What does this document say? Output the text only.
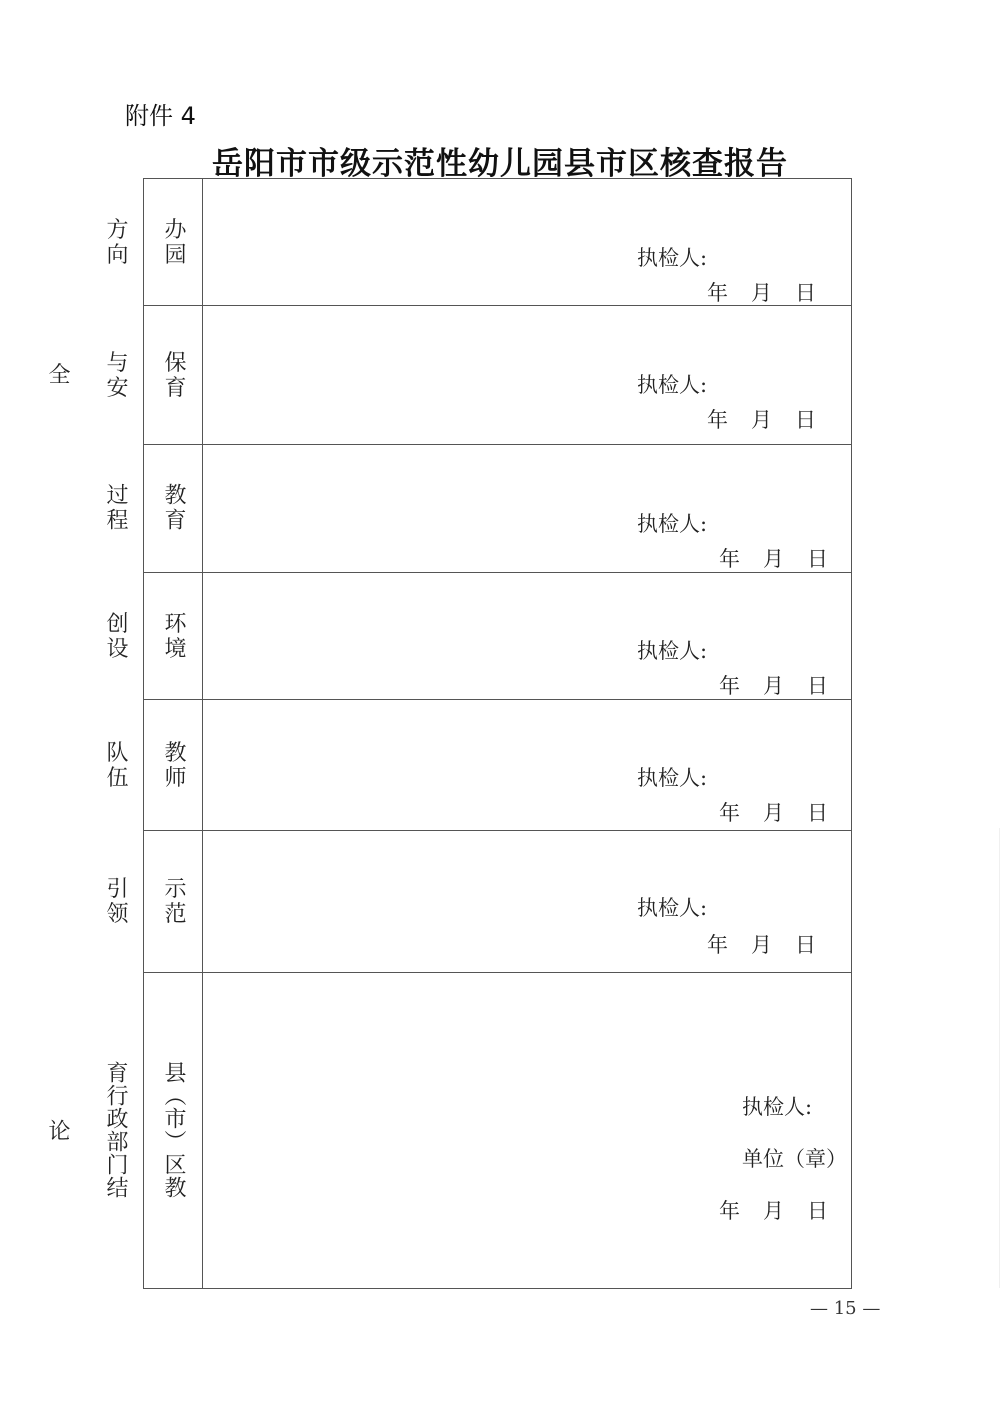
附件 4
岳阳市市级示范性幼儿园县市区核查报告
办园方向	执检人:
年　月　日

保育与安全	执检人:
年　月　日

教育过程	执检人:
年　月　日

环境创设	执检人:
年　月　日

教师队伍	执检人:
年　月　日

示范引领	执检人:
年　月　日

县（市）区教育行政部门结论	执检人:
单位（章）
年　月　日
— 15 —
